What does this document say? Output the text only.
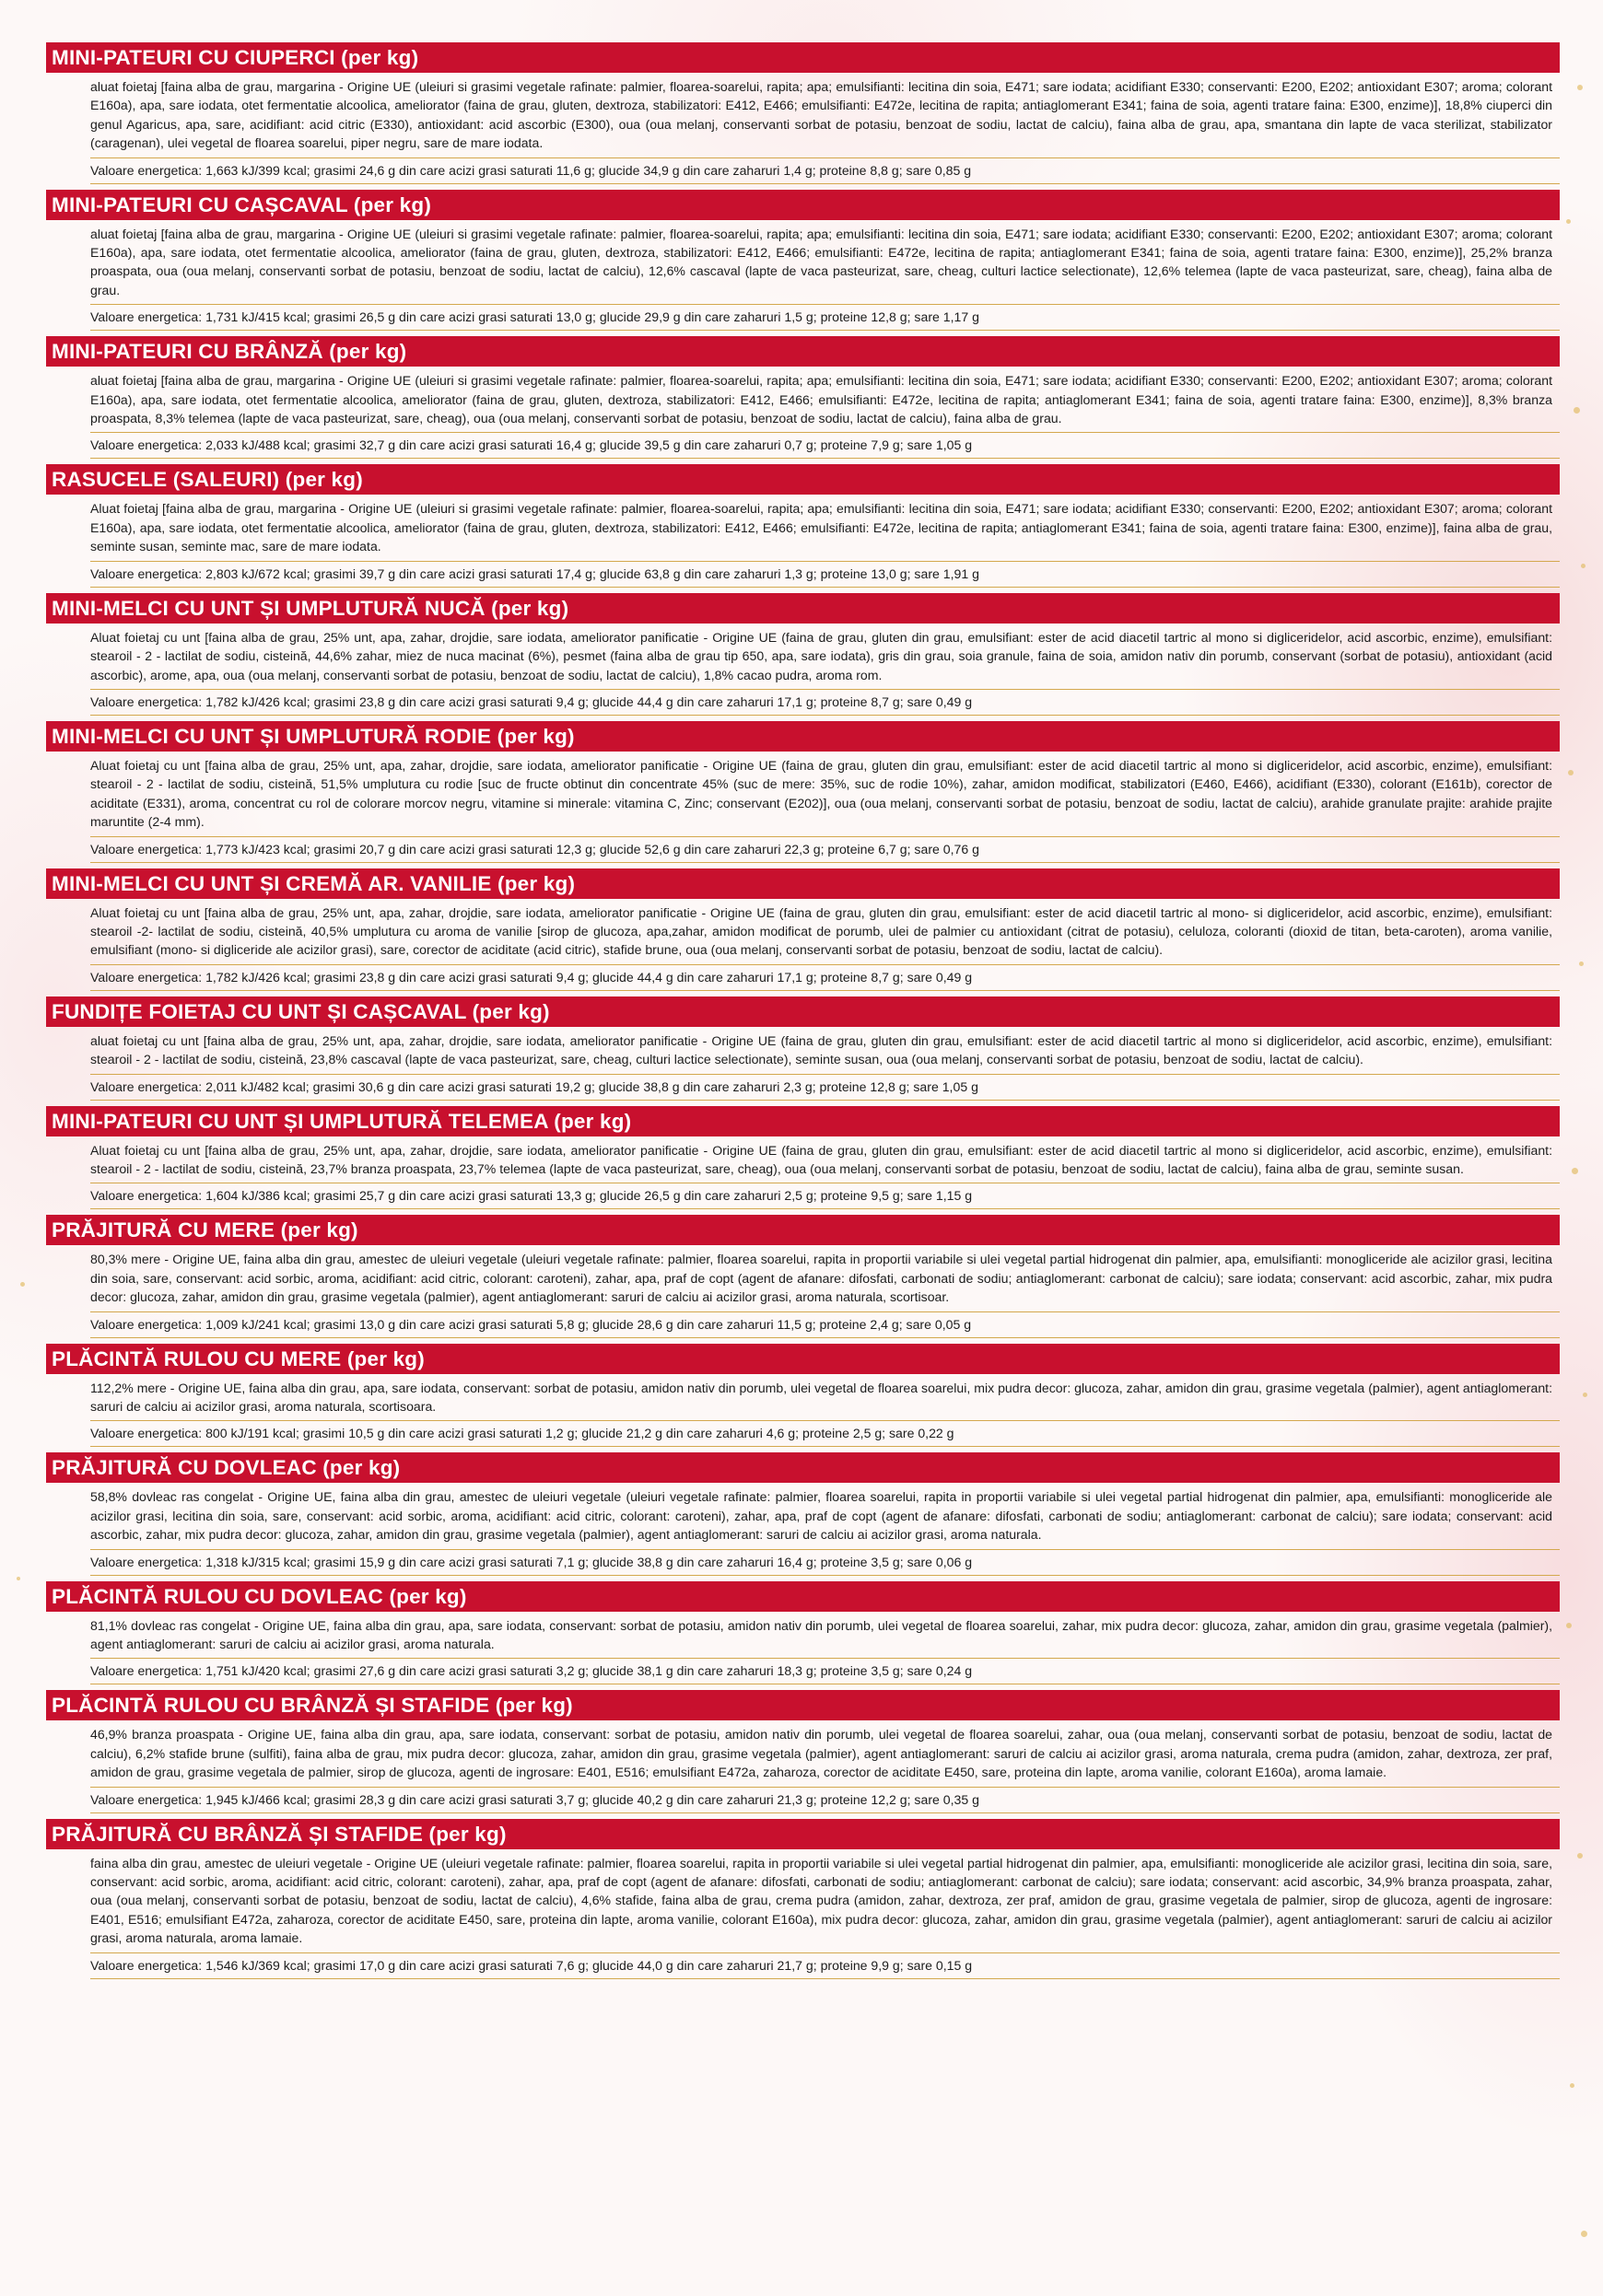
MINI-PATEURI CU CIUPERCI (per kg)
aluat foietaj [faina alba de grau, margarina - Origine UE (uleiuri si grasimi vegetale rafinate: palmier, floarea-soarelui, rapita; apa; emulsifianti: lecitina din soia, E471; sare iodata; acidifiant E330; conservanti: E200, E202; antioxidant E307; aroma; colorant E160a), apa, sare iodata, otet fermentatie alcoolica, ameliorator (faina de grau, gluten, dextroza, stabilizatori: E412, E466; emulsifianti: E472e, lecitina de rapita; antiaglomerant E341; faina de soia, agenti tratare faina: E300, enzime)], 18,8% ciuperci din genul Agaricus, apa, sare, acidifiant: acid citric (E330), antioxidant: acid ascorbic (E300), oua (oua melanj, conservanti sorbat de potasiu, benzoat de sodiu, lactat de calciu), faina alba de grau, apa, smantana din lapte de vaca sterilizat, stabilizator (caragenan), ulei vegetal de floarea soarelui, piper negru, sare de mare iodata.
Valoare energetica: 1,663 kJ/399 kcal; grasimi 24,6 g din care acizi grasi saturati 11,6 g; glucide 34,9 g din care zaharuri 1,4 g; proteine 8,8 g; sare 0,85 g
MINI-PATEURI CU CAȘCAVAL (per kg)
aluat foietaj [faina alba de grau, margarina - Origine UE (uleiuri si grasimi vegetale rafinate: palmier, floarea-soarelui, rapita; apa; emulsifianti: lecitina din soia, E471; sare iodata; acidifiant E330; conservanti: E200, E202; antioxidant E307; aroma; colorant E160a), apa, sare iodata, otet fermentatie alcoolica, ameliorator (faina de grau, gluten, dextroza, stabilizatori: E412, E466; emulsifianti: E472e, lecitina de rapita; antiaglomerant E341; faina de soia, agenti tratare faina: E300, enzime)], 25,2% branza proaspata, oua (oua melanj, conservanti sorbat de potasiu, benzoat de sodiu, lactat de calciu), 12,6% cascaval (lapte de vaca pasteurizat, sare, cheag, culturi lactice selectionate), 12,6% telemea (lapte de vaca pasteurizat, sare, cheag), faina alba de grau.
Valoare energetica: 1,731 kJ/415 kcal; grasimi 26,5 g din care acizi grasi saturati 13,0 g; glucide 29,9 g din care zaharuri 1,5 g; proteine 12,8 g; sare 1,17 g
MINI-PATEURI CU BRÂNZĂ (per kg)
aluat foietaj [faina alba de grau, margarina - Origine UE (uleiuri si grasimi vegetale rafinate: palmier, floarea-soarelui, rapita; apa; emulsifianti: lecitina din soia, E471; sare iodata; acidifiant E330; conservanti: E200, E202; antioxidant E307; aroma; colorant E160a), apa, sare iodata, otet fermentatie alcoolica, ameliorator (faina de grau, gluten, dextroza, stabilizatori: E412, E466; emulsifianti: E472e, lecitina de rapita; antiaglomerant E341; faina de soia, agenti tratare faina: E300, enzime)], 8,3% branza proaspata, 8,3% telemea (lapte de vaca pasteurizat, sare, cheag), oua (oua melanj, conservanti sorbat de potasiu, benzoat de sodiu, lactat de calciu), faina alba de grau.
Valoare energetica: 2,033 kJ/488 kcal; grasimi 32,7 g din care acizi grasi saturati 16,4 g; glucide 39,5 g din care zaharuri 0,7 g; proteine 7,9 g; sare 1,05 g
RASUCELE (SALEURI) (per kg)
Aluat foietaj [faina alba de grau, margarina - Origine UE (uleiuri si grasimi vegetale rafinate: palmier, floarea-soarelui, rapita; apa; emulsifianti: lecitina din soia, E471; sare iodata; acidifiant E330; conservanti: E200, E202; antioxidant E307; aroma; colorant E160a), apa, sare iodata, otet fermentatie alcoolica, ameliorator (faina de grau, gluten, dextroza, stabilizatori: E412, E466; emulsifianti: E472e, lecitina de rapita; antiaglomerant E341; faina de soia, agenti tratare faina: E300, enzime)], faina alba de grau, seminte susan, seminte mac, sare de mare iodata.
Valoare energetica: 2,803 kJ/672 kcal; grasimi 39,7 g din care acizi grasi saturati 17,4 g; glucide 63,8 g din care zaharuri 1,3 g; proteine 13,0 g; sare 1,91 g
MINI-MELCI CU UNT ȘI UMPLUTURĂ NUCĂ (per kg)
Aluat foietaj cu unt [faina alba de grau, 25% unt, apa, zahar, drojdie, sare iodata, ameliorator panificatie - Origine UE (faina de grau, gluten din grau, emulsifiant: ester de acid diacetil tartric al mono si digliceridelor, acid ascorbic, enzime), emulsifiant: stearoil - 2 - lactilat de sodiu, cisteină, 44,6% zahar, miez de nuca macinat (6%), pesmet (faina alba de grau tip 650, apa, sare iodata), gris din grau, soia granule, faina de soia, amidon nativ din porumb, conservant (sorbat de potasiu), antioxidant (acid ascorbic), arome, apa, oua (oua melanj, conservanti sorbat de potasiu, benzoat de sodiu, lactat de calciu), 1,8% cacao pudra, aroma rom.
Valoare energetica: 1,782 kJ/426 kcal; grasimi 23,8 g din care acizi grasi saturati 9,4 g; glucide 44,4 g din care zaharuri 17,1 g; proteine 8,7 g; sare 0,49 g
MINI-MELCI CU UNT ȘI UMPLUTURĂ RODIE (per kg)
Aluat foietaj cu unt [faina alba de grau, 25% unt, apa, zahar, drojdie, sare iodata, ameliorator panificatie - Origine UE (faina de grau, gluten din grau, emulsifiant: ester de acid diacetil tartric al mono si digliceridelor, acid ascorbic, enzime), emulsifiant: stearoil - 2 - lactilat de sodiu, cisteină, 51,5% umplutura cu rodie [suc de fructe obtinut din concentrate 45% (suc de mere: 35%, suc de rodie 10%), zahar, amidon modificat, stabilizatori (E460, E466), acidifiant (E330), colorant (E161b), corector de aciditate (E331), aroma, concentrat cu rol de colorare morcov negru, vitamine si minerale: vitamina C, Zinc; conservant (E202)], oua (oua melanj, conservanti sorbat de potasiu, benzoat de sodiu, lactat de calciu), arahide granulate prajite: arahide prajite maruntite (2-4 mm).
Valoare energetica: 1,773 kJ/423 kcal; grasimi 20,7 g din care acizi grasi saturati 12,3 g; glucide 52,6 g din care zaharuri 22,3 g; proteine 6,7 g; sare 0,76 g
MINI-MELCI CU UNT ȘI CREMĂ AR. VANILIE (per kg)
Aluat foietaj cu unt [faina alba de grau, 25% unt, apa, zahar, drojdie, sare iodata, ameliorator panificatie - Origine UE (faina de grau, gluten din grau, emulsifiant: ester de acid diacetil tartric al mono- si digliceridelor, acid ascorbic, enzime), emulsifiant: stearoil -2- lactilat de sodiu, cisteină, 40,5% umplutura cu aroma de vanilie [sirop de glucoza, apa,zahar, amidon modificat de porumb, ulei de palmier cu antioxidant (citrat de potasiu), celuloza, coloranti (dioxid de titan, beta-caroten), aroma vanilie, emulsifiant (mono- si digliceride ale acizilor grasi), sare, corector de aciditate (acid citric), stafide brune, oua (oua melanj, conservanti sorbat de potasiu, benzoat de sodiu, lactat de calciu).
Valoare energetica: 1,782 kJ/426 kcal; grasimi 23,8 g din care acizi grasi saturati 9,4 g; glucide 44,4 g din care zaharuri 17,1 g; proteine 8,7 g; sare 0,49 g
FUNDIȚE FOIETAJ CU UNT ȘI CAȘCAVAL (per kg)
aluat foietaj cu unt [faina alba de grau, 25% unt, apa, zahar, drojdie, sare iodata, ameliorator panificatie - Origine UE (faina de grau, gluten din grau, emulsifiant: ester de acid diacetil tartric al mono si digliceridelor, acid ascorbic, enzime), emulsifiant: stearoil - 2 - lactilat de sodiu, cisteină, 23,8% cascaval (lapte de vaca pasteurizat, sare, cheag, culturi lactice selectionate), seminte susan, oua (oua melanj, conservanti sorbat de potasiu, benzoat de sodiu, lactat de calciu).
Valoare energetica: 2,011 kJ/482 kcal; grasimi 30,6 g din care acizi grasi saturati 19,2 g; glucide 38,8 g din care zaharuri 2,3 g; proteine 12,8 g; sare 1,05 g
MINI-PATEURI CU UNT ȘI UMPLUTURĂ TELEMEA (per kg)
Aluat foietaj cu unt [faina alba de grau, 25% unt, apa, zahar, drojdie, sare iodata, ameliorator panificatie - Origine UE (faina de grau, gluten din grau, emulsifiant: ester de acid diacetil tartric al mono si digliceridelor, acid ascorbic, enzime), emulsifiant: stearoil - 2 - lactilat de sodiu, cisteină, 23,7% branza proaspata, 23,7% telemea (lapte de vaca pasteurizat, sare, cheag), oua (oua melanj, conservanti sorbat de potasiu, benzoat de sodiu, lactat de calciu), faina alba de grau, seminte susan.
Valoare energetica: 1,604 kJ/386 kcal; grasimi 25,7 g din care acizi grasi saturati 13,3 g; glucide 26,5 g din care zaharuri 2,5 g; proteine 9,5 g; sare 1,15 g
PRĂJITURĂ CU MERE (per kg)
80,3% mere - Origine UE, faina alba din grau, amestec de uleiuri vegetale (uleiuri vegetale rafinate: palmier, floarea soarelui, rapita in proportii variabile si ulei vegetal partial hidrogenat din palmier, apa, emulsifianti: monogliceride ale acizilor grasi, lecitina din soia, sare, conservant: acid sorbic, aroma, acidifiant: acid citric, colorant: caroteni), zahar, apa, praf de copt (agent de afanare: difosfati, carbonati de sodiu; antiaglomerant: carbonat de calciu); sare iodata; conservant: acid ascorbic, zahar, mix pudra decor: glucoza, zahar, amidon din grau, grasime vegetala (palmier), agent antiaglomerant: saruri de calciu ai acizilor grasi, aroma naturala, scortisoar.
Valoare energetica: 1,009 kJ/241 kcal; grasimi 13,0 g din care acizi grasi saturati 5,8 g; glucide 28,6 g din care zaharuri 11,5 g; proteine 2,4 g; sare 0,05 g
PLĂCINTĂ RULOU CU MERE (per kg)
112,2% mere - Origine UE, faina alba din grau, apa, sare iodata, conservant: sorbat de potasiu, amidon nativ din porumb, ulei vegetal de floarea soarelui, mix pudra decor: glucoza, zahar, amidon din grau, grasime vegetala (palmier), agent antiaglomerant: saruri de calciu ai acizilor grasi, aroma naturala, scortisoara.
Valoare energetica: 800 kJ/191 kcal; grasimi 10,5 g din care acizi grasi saturati 1,2 g; glucide 21,2 g din care zaharuri 4,6 g; proteine 2,5 g; sare 0,22 g
PRĂJITURĂ CU DOVLEAC (per kg)
58,8% dovleac ras congelat - Origine UE, faina alba din grau, amestec de uleiuri vegetale (uleiuri vegetale rafinate: palmier, floarea soarelui, rapita in proportii variabile si ulei vegetal partial hidrogenat din palmier, apa, emulsifianti: monogliceride ale acizilor grasi, lecitina din soia, sare, conservant: acid sorbic, aroma, acidifiant: acid citric, colorant: caroteni), zahar, apa, praf de copt (agent de afanare: difosfati, carbonati de sodiu; antiaglomerant: carbonat de calciu); sare iodata; conservant: acid ascorbic, zahar, mix pudra decor: glucoza, zahar, amidon din grau, grasime vegetala (palmier), agent antiaglomerant: saruri de calciu ai acizilor grasi, aroma naturala.
Valoare energetica: 1,318 kJ/315 kcal; grasimi 15,9 g din care acizi grasi saturati 7,1 g; glucide 38,8 g din care zaharuri 16,4 g; proteine 3,5 g; sare 0,06 g
PLĂCINTĂ RULOU CU DOVLEAC (per kg)
81,1% dovleac ras congelat - Origine UE, faina alba din grau, apa, sare iodata, conservant: sorbat de potasiu, amidon nativ din porumb, ulei vegetal de floarea soarelui, zahar, mix pudra decor: glucoza, zahar, amidon din grau, grasime vegetala (palmier), agent antiaglomerant: saruri de calciu ai acizilor grasi, aroma naturala.
Valoare energetica: 1,751 kJ/420 kcal; grasimi 27,6 g din care acizi grasi saturati 3,2 g; glucide 38,1 g din care zaharuri 18,3 g; proteine 3,5 g; sare 0,24 g
PLĂCINTĂ RULOU CU BRÂNZĂ ȘI STAFIDE (per kg)
46,9% branza proaspata - Origine UE, faina alba din grau, apa, sare iodata, conservant: sorbat de potasiu, amidon nativ din porumb, ulei vegetal de floarea soarelui, zahar, oua (oua melanj, conservanti sorbat de potasiu, benzoat de sodiu, lactat de calciu), 6,2% stafide brune (sulfiti), faina alba de grau, mix pudra decor: glucoza, zahar, amidon din grau, grasime vegetala (palmier), agent antiaglomerant: saruri de calciu ai acizilor grasi, aroma naturala, crema pudra (amidon, zahar, dextroza, zer praf, amidon de grau, grasime vegetala de palmier, sirop de glucoza, agenti de ingrosare: E401, E516; emulsifiant E472a, zaharoza, corector de aciditate E450, sare, proteina din lapte, aroma vanilie, colorant E160a), aroma lamaie.
Valoare energetica: 1,945 kJ/466 kcal; grasimi 28,3 g din care acizi grasi saturati 3,7 g; glucide 40,2 g din care zaharuri 21,3 g; proteine 12,2 g; sare 0,35 g
PRĂJITURĂ CU BRÂNZĂ ȘI STAFIDE (per kg)
faina alba din grau, amestec de uleiuri vegetale - Origine UE (uleiuri vegetale rafinate: palmier, floarea soarelui, rapita in proportii variabile si ulei vegetal partial hidrogenat din palmier, apa, emulsifianti: monogliceride ale acizilor grasi, lecitina din soia, sare, conservant: acid sorbic, aroma, acidifiant: acid citric, colorant: caroteni), zahar, apa, praf de copt (agent de afanare: difosfati, carbonati de sodiu; antiaglomerant: carbonat de calciu); sare iodata; conservant: acid ascorbic, 34,9% branza proaspata, zahar, oua (oua melanj, conservanti sorbat de potasiu, benzoat de sodiu, lactat de calciu), 4,6% stafide, faina alba de grau, crema pudra (amidon, zahar, dextroza, zer praf, amidon de grau, grasime vegetala de palmier, sirop de glucoza, agenti de ingrosare: E401, E516; emulsifiant E472a, zaharoza, corector de aciditate E450, sare, proteina din lapte, aroma vanilie, colorant E160a), mix pudra decor: glucoza, zahar, amidon din grau, grasime vegetala (palmier), agent antiaglomerant: saruri de calciu ai acizilor grasi, aroma naturala, aroma lamaie.
Valoare energetica: 1,546 kJ/369 kcal; grasimi 17,0 g din care acizi grasi saturati 7,6 g; glucide 44,0 g din care zaharuri 21,7 g; proteine 9,9 g; sare 0,15 g
